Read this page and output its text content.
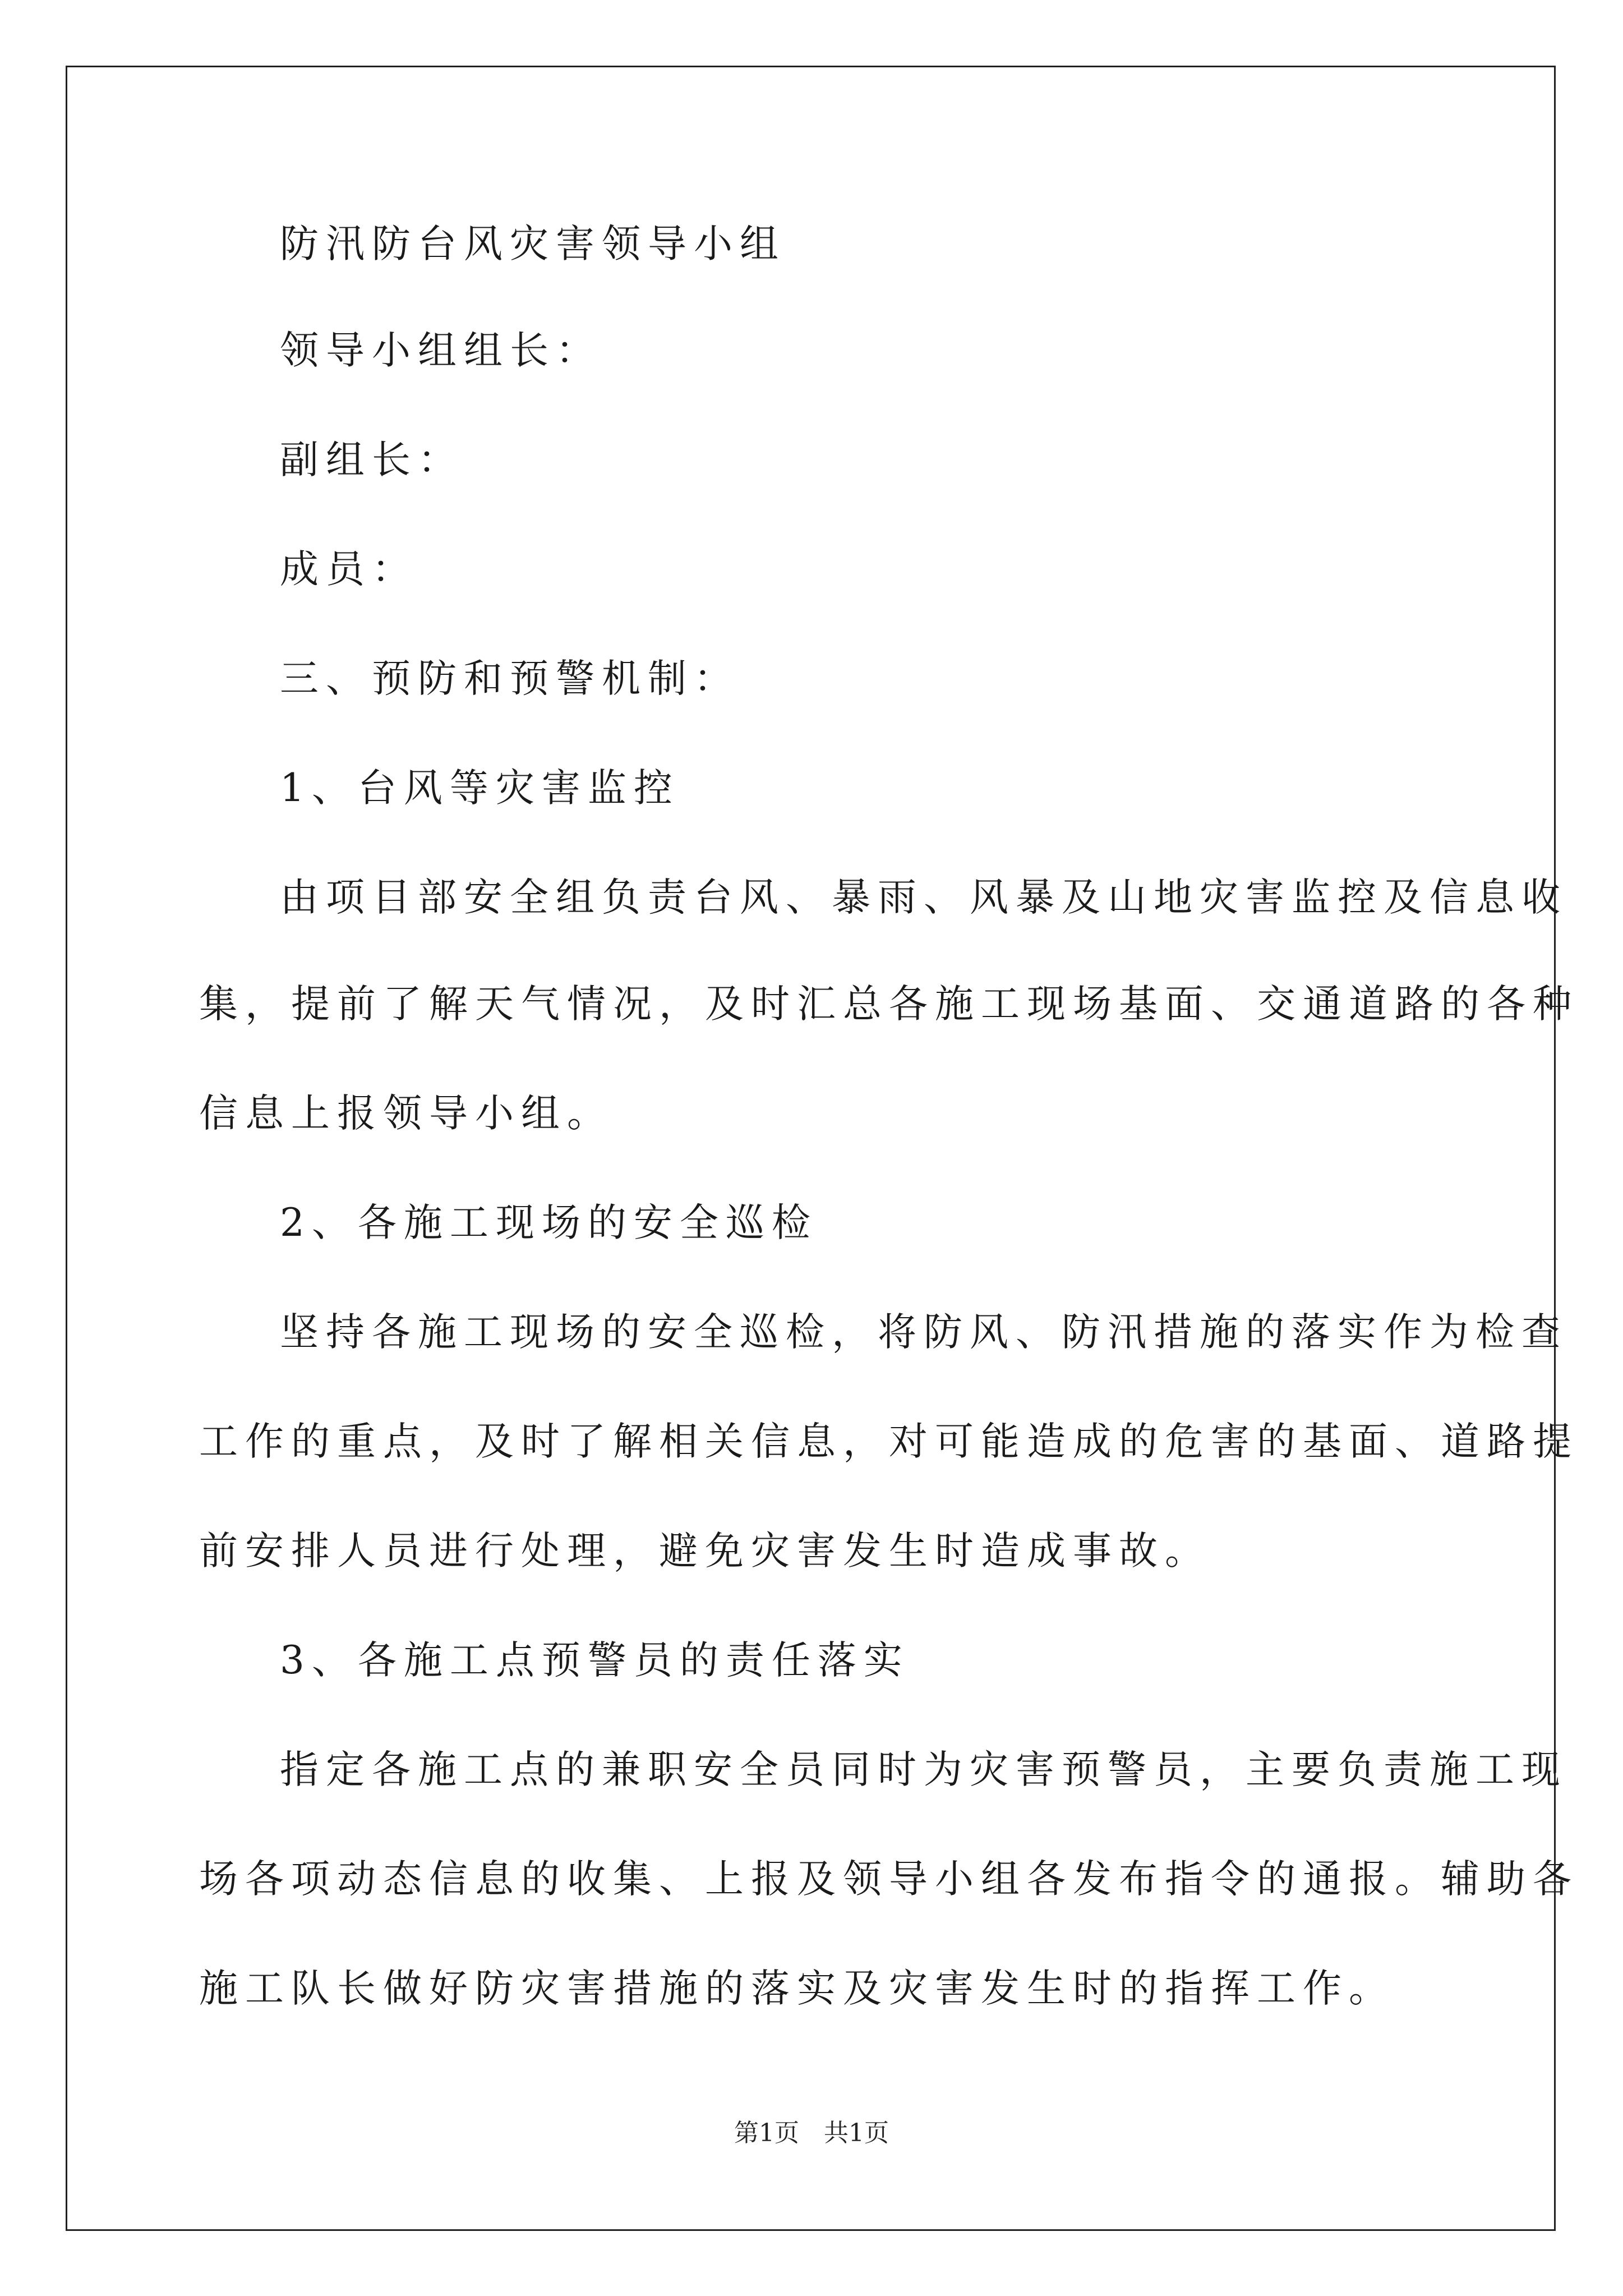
防汛防台风灾害领导小组
领导小组组长：
副组长：
成员：
三、预防和预警机制：
1、台风等灾害监控
由项目部安全组负责台风、暴雨、风暴及山地灾害监控及信息收
集，提前了解天气情况，及时汇总各施工现场基面、交通道路的各种
信息上报领导小组。
2、各施工现场的安全巡检
坚持各施工现场的安全巡检，将防风、防汛措施的落实作为检查
工作的重点，及时了解相关信息，对可能造成的危害的基面、道路提
前安排人员进行处理，避免灾害发生时造成事故。
3、各施工点预警员的责任落实
指定各施工点的兼职安全员同时为灾害预警员，主要负责施工现
场各项动态信息的收集、上报及领导小组各发布指令的通报。辅助各
施工队长做好防灾害措施的落实及灾害发生时的指挥工作。
第1页　共1页
